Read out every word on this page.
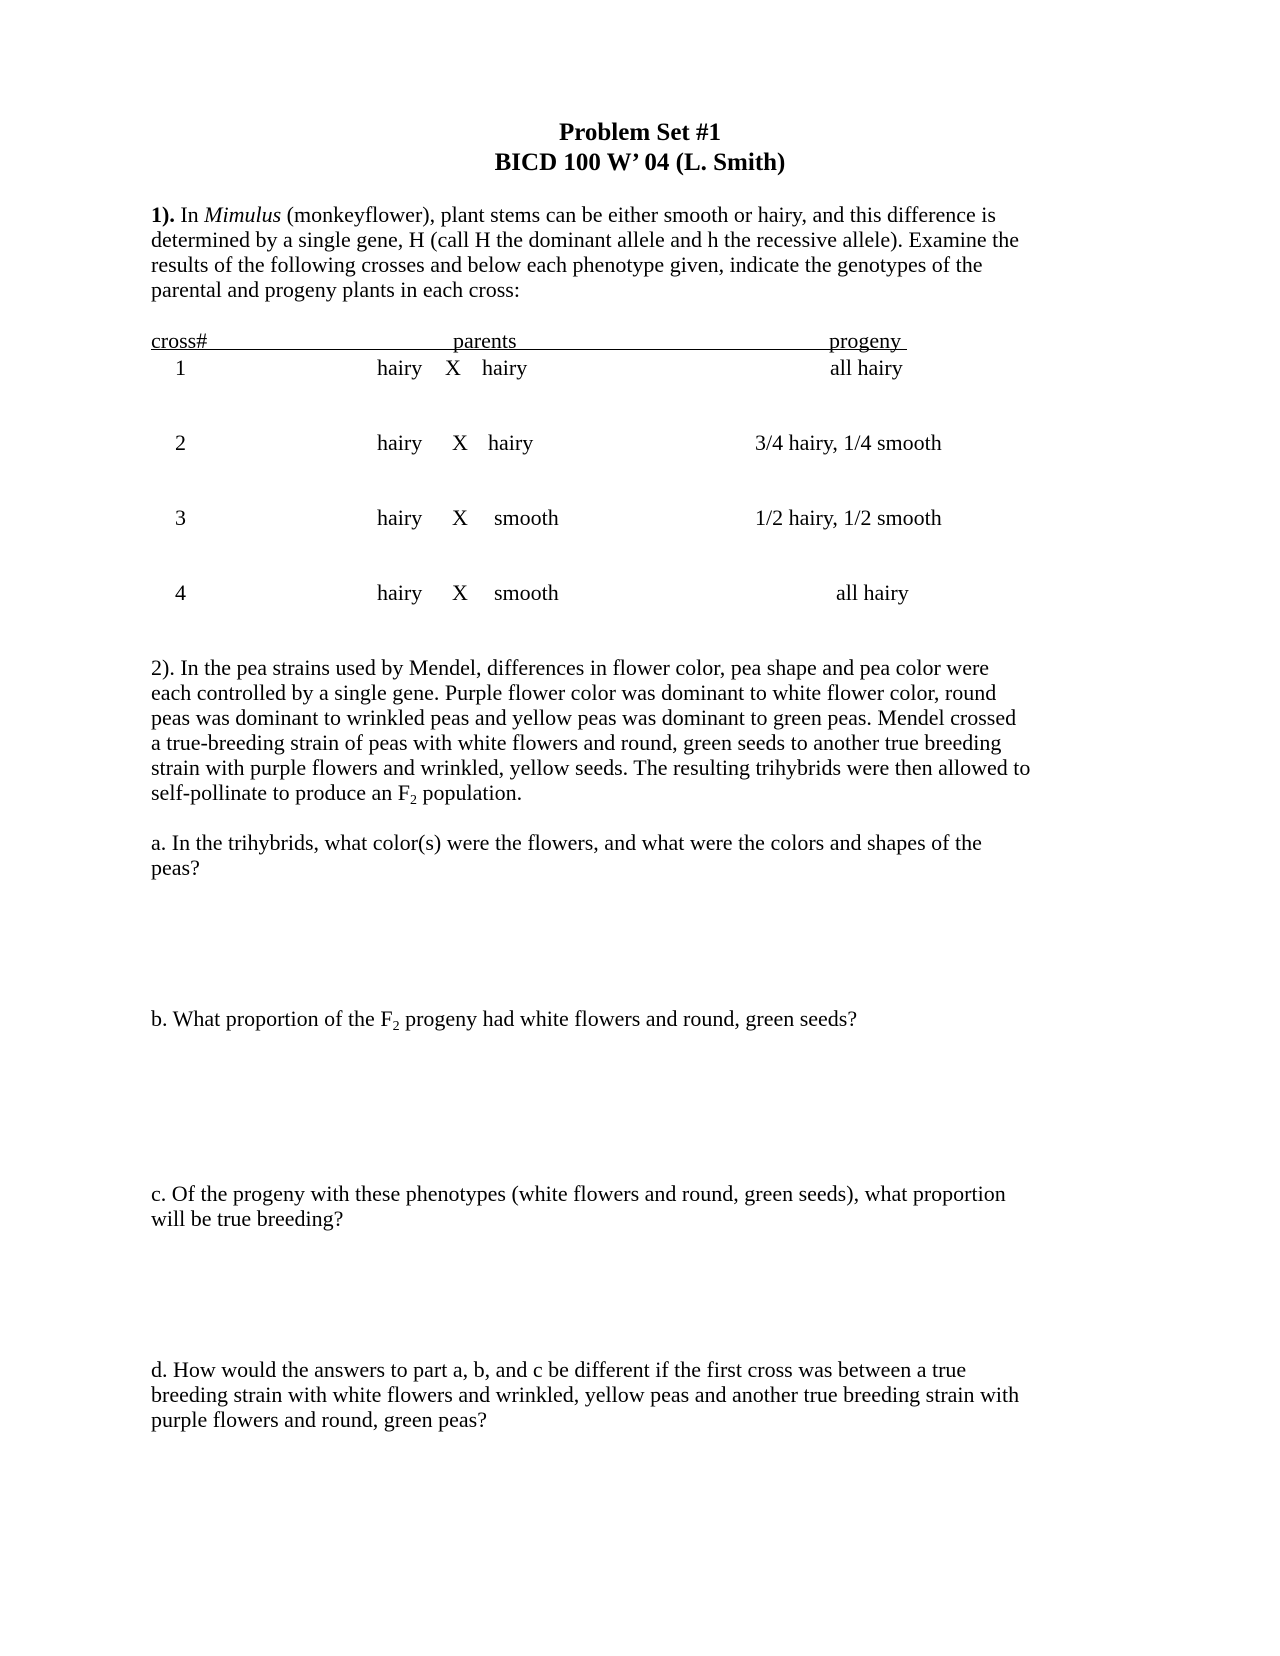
Problem Set #1
BICD 100 W’ 04 (L. Smith)
1). In Mimulus (monkeyflower), plant stems can be either smooth or hairy, and this difference is
determined by a single gene, H (call H the dominant allele and h the recessive allele). Examine the
results of the following crosses and below each phenotype given, indicate the genotypes of the
parental and progeny plants in each cross:
cross#	parents	progeny
1	hairy X hairy	all hairy
2	hairy X hairy	3/4 hairy, 1/4 smooth
3	hairy X smooth	1/2 hairy, 1/2 smooth
4	hairy X smooth	all hairy
2). In the pea strains used by Mendel, differences in flower color, pea shape and pea color were
each controlled by a single gene. Purple flower color was dominant to white flower color, round
peas was dominant to wrinkled peas and yellow peas was dominant to green peas. Mendel crossed
a true-breeding strain of peas with white flowers and round, green seeds to another true breeding
strain with purple flowers and wrinkled, yellow seeds. The resulting trihybrids were then allowed to
self-pollinate to produce an $F_2$ population.
a. In the trihybrids, what color(s) were the flowers, and what were the colors and shapes of the
peas?
b. What proportion of the $F_2$ progeny had white flowers and round, green seeds?
c. Of the progeny with these phenotypes (white flowers and round, green seeds), what proportion
will be true breeding?
d. How would the answers to part a, b, and c be different if the first cross was between a true
breeding strain with white flowers and wrinkled, yellow peas and another true breeding strain with
purple flowers and round, green peas?
